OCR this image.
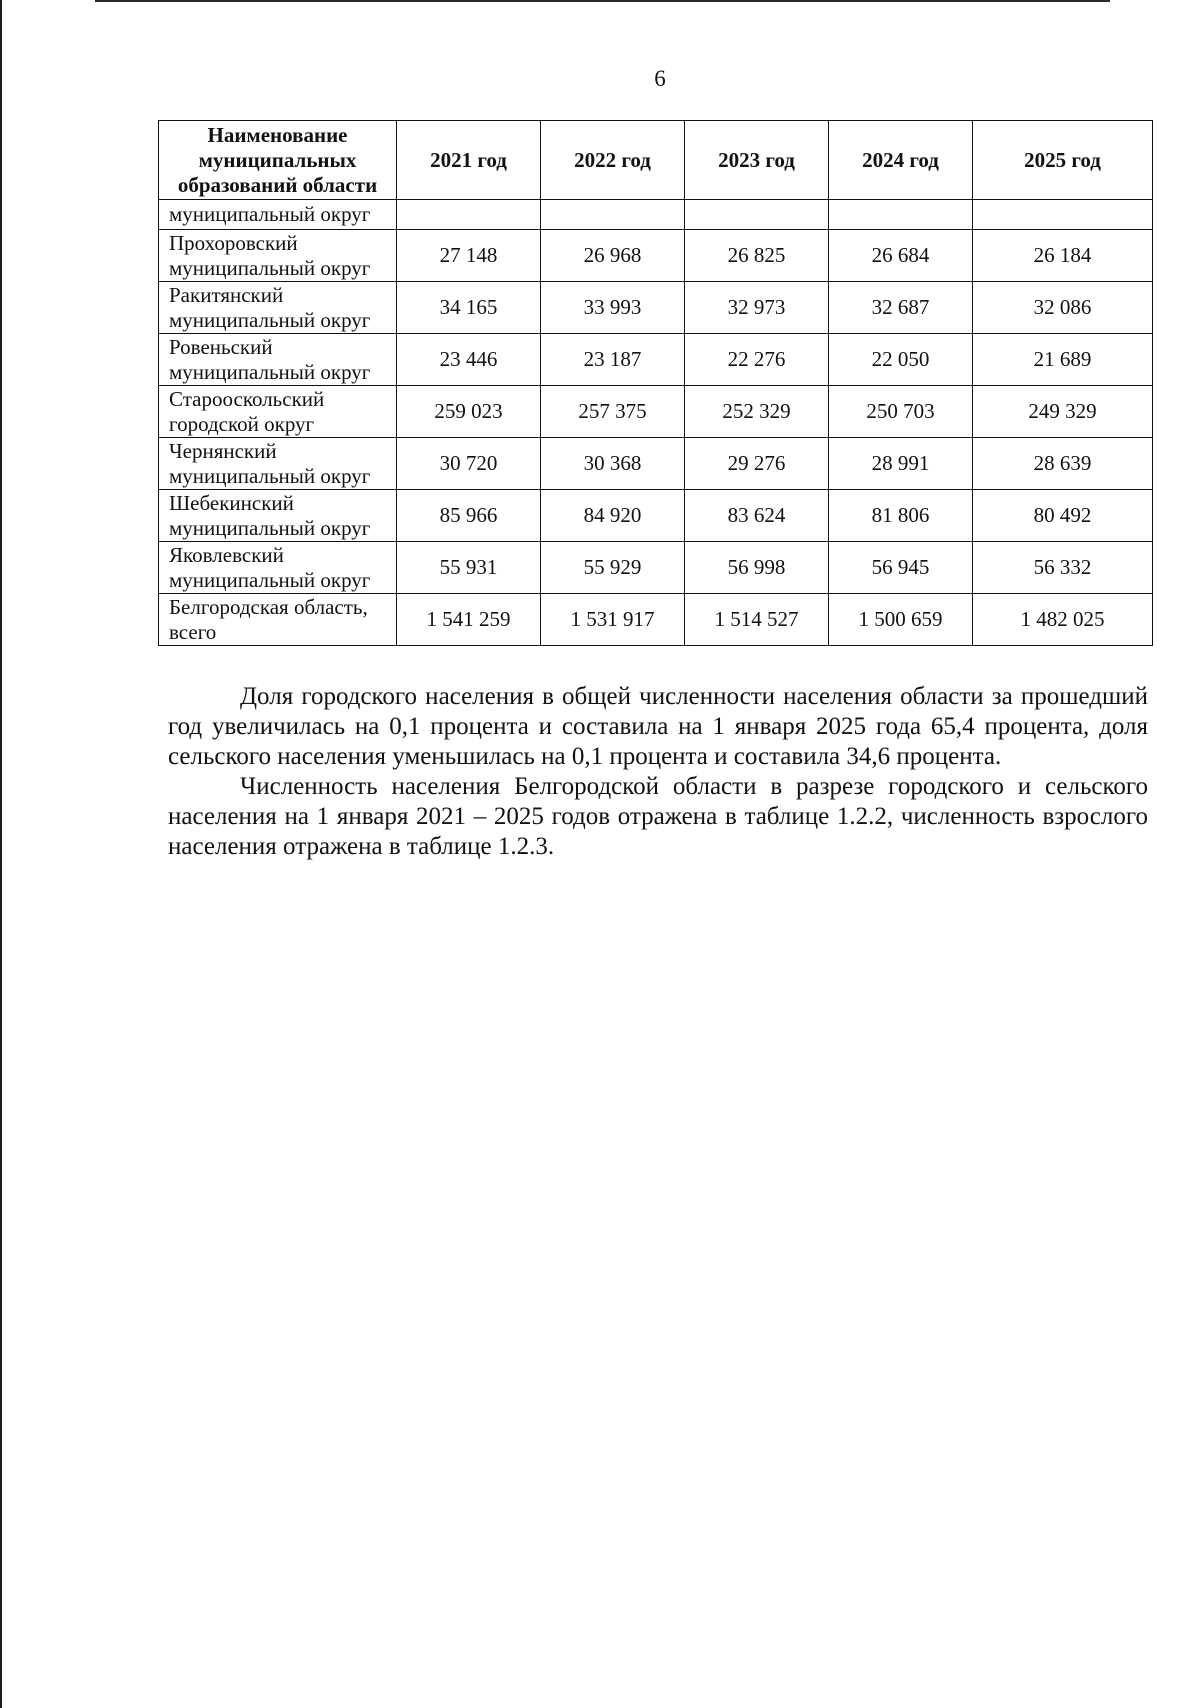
6
Наименование муниципальных образований области	2021 год	2022 год	2023 год	2024 год	2025 год
муниципальный округ					
Прохоровский муниципальный округ	27 148	26 968	26 825	26 684	26 184
Ракитянский муниципальный округ	34 165	33 993	32 973	32 687	32 086
Ровеньский муниципальный округ	23 446	23 187	22 276	22 050	21 689
Старооскольский городской округ	259 023	257 375	252 329	250 703	249 329
Чернянский муниципальный округ	30 720	30 368	29 276	28 991	28 639
Шебекинский муниципальный округ	85 966	84 920	83 624	81 806	80 492
Яковлевский муниципальный округ	55 931	55 929	56 998	56 945	56 332
Белгородская область, всего	1 541 259	1 531 917	1 514 527	1 500 659	1 482 025

Доля городского населения в общей численности населения области за прошедший год увеличилась на 0,1 процента и составила на 1 января 2025 года 65,4 процента, доля сельского населения уменьшилась на 0,1 процента и составила 34,6 процента.

Численность населения Белгородской области в разрезе городского и сельского населения на 1 января 2021 – 2025 годов отражена в таблице 1.2.2, численность взрослого населения отражена в таблице 1.2.3.
